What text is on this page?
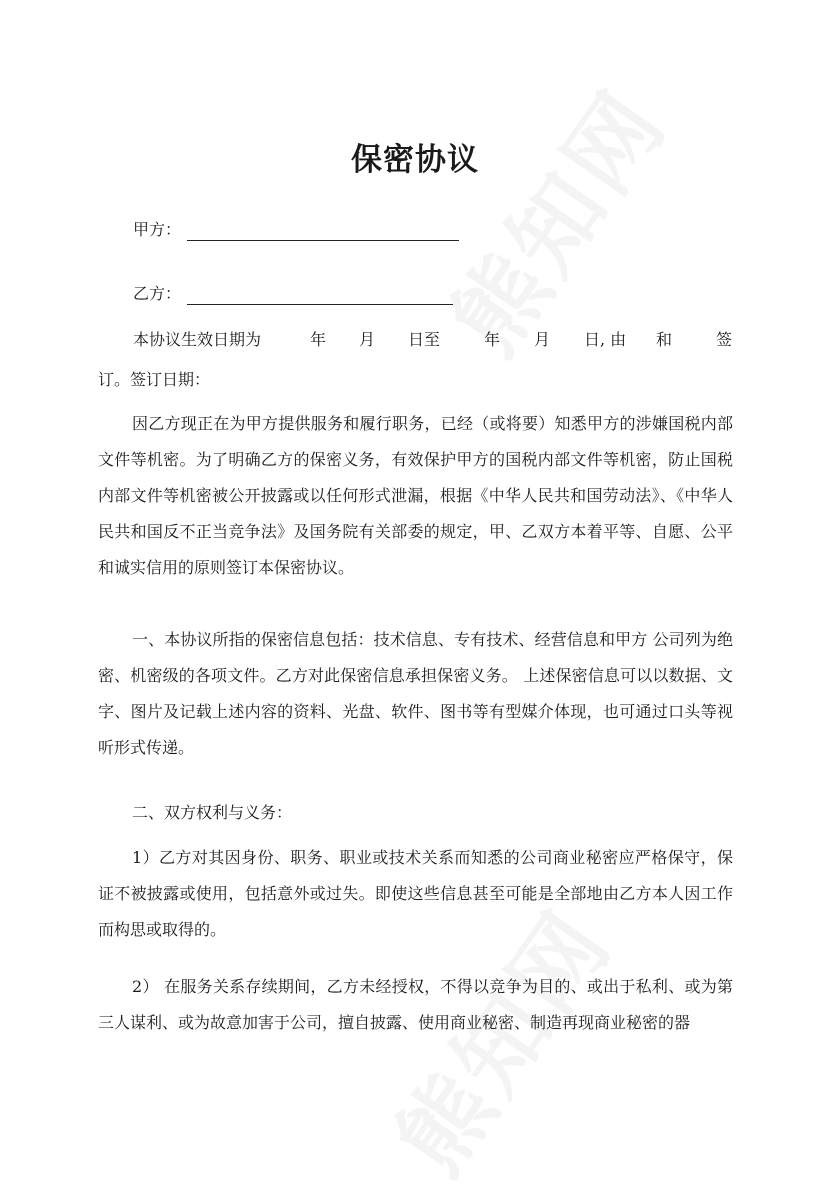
保密协议
甲方：
乙方：
本协议生效日期为	年 月 日至	年 月 日, 由 和	签
订。签订日期：
因乙方现正在为甲方提供服务和履行职务，已经（或将要）知悉甲方的涉嫌国税内部文件等机密。为了明确乙方的保密义务，有效保护甲方的国税内部文件等机密，防止国税内部文件等机密被公开披露或以任何形式泄漏，根据《中华人民共和国劳动法》、《中华人民共和国反不正当竞争法》及国务院有关部委的规定，甲、乙双方本着平等、自愿、公平和诚实信用的原则签订本保密协议。
一、本协议所指的保密信息包括：技术信息、专有技术、经营信息和甲方 公司列为绝密、机密级的各项文件。乙方对此保密信息承担保密义务。 上述保密信息可以以数据、文字、图片及记载上述内容的资料、光盘、软件、图书等有型媒介体现，也可通过口头等视听形式传递。
二、双方权利与义务：
1）乙方对其因身份、职务、职业或技术关系而知悉的公司商业秘密应严格保守，保证不被披露或使用，包括意外或过失。即使这些信息甚至可能是全部地由乙方本人因工作而构思或取得的。
2） 在服务关系存续期间，乙方未经授权，不得以竞争为目的、或出于私利、或为第三人谋利、或为故意加害于公司，擅自披露、使用商业秘密、制造再现商业秘密的器
